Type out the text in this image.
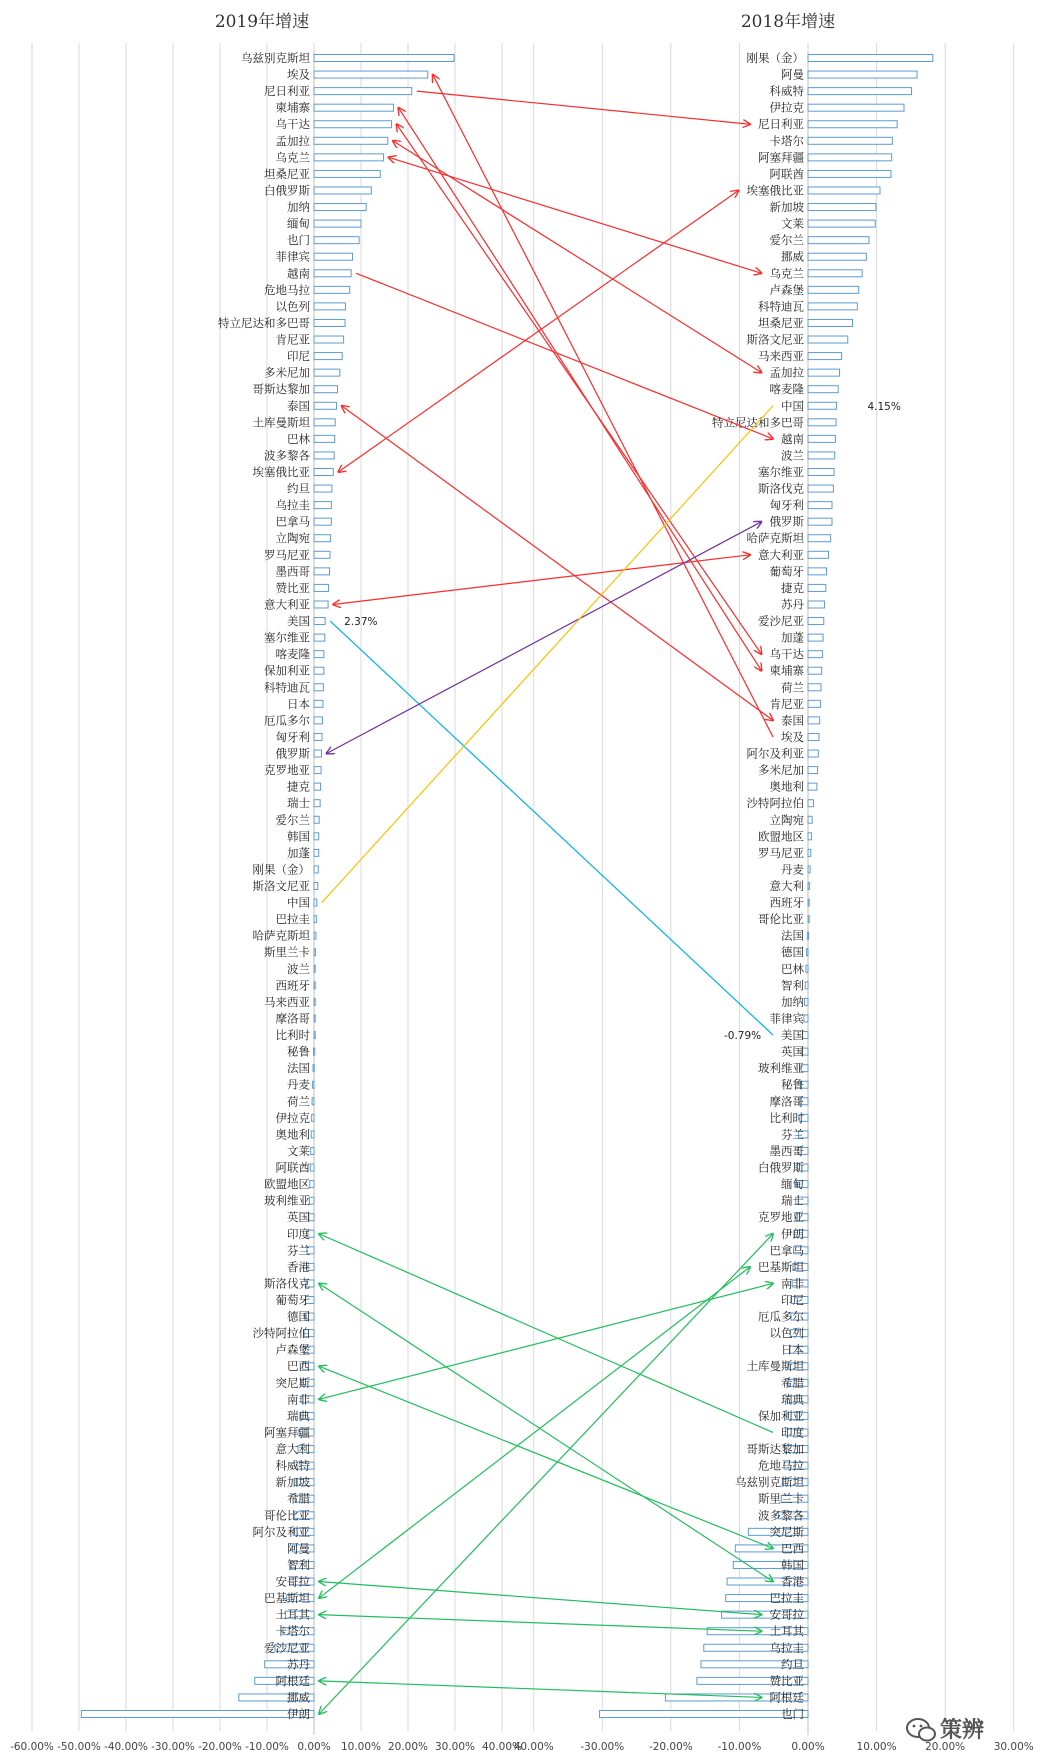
-60.00% -50.00% -40.00% -30.00% -20.00% -10.00% 0.00% 10.00% 20.00% 30.00% 40.00%
2019年增速
乌兹别克斯坦
埃及
尼日利亚
柬埔寨
乌干达
孟加拉
乌克兰
坦桑尼亚
白俄罗斯
加纳
缅甸
也门
菲律宾
越南
危地马拉
以色列
特立尼达和多巴哥
肯尼亚
印尼
多米尼加
哥斯达黎加
泰国
土库曼斯坦
巴林
波多黎各
埃塞俄比亚
约旦
乌拉圭
巴拿马
立陶宛
罗马尼亚
墨西哥
赞比亚
意大利亚
美国
塞尔维亚
喀麦隆
保加利亚
科特迪瓦
日本
厄瓜多尔
匈牙利
俄罗斯
克罗地亚
捷克
瑞士
爱尔兰
韩国
加蓬
刚果（金）
斯洛文尼亚
中国
巴拉圭
哈萨克斯坦
斯里兰卡
波兰
西班牙
马来西亚
摩洛哥
比利时
秘鲁
法国
丹麦
荷兰
伊拉克
奥地利
文莱
阿联酋
欧盟地区
玻利维亚
英国
印度
芬兰
香港
斯洛伐克
葡萄牙
德国
沙特阿拉伯
卢森堡
巴西
突尼斯
南非
瑞典
阿塞拜疆
意大利
科威特
新加坡
希腊
哥伦比亚
阿尔及利亚
阿曼
智利
安哥拉
巴基斯坦
土耳其
卡塔尔
爱沙尼亚
苏丹
阿根廷
挪威
伊朗
2.37%
40.00%	-30.00% -20.00% -10.00%	0.00%	10.00%	20.00%	30.00%
2018年增速
刚果（金）
阿曼
科威特
伊拉克
尼日利亚
卡塔尔
阿塞拜疆
阿联酋
埃塞俄比亚
新加坡
文莱
爱尔兰
挪威
乌克兰
卢森堡
科特迪瓦
坦桑尼亚
斯洛文尼亚
马来西亚
孟加拉
喀麦隆
中国
特立尼达和多巴哥
越南
波兰
塞尔维亚
斯洛伐克
匈牙利
俄罗斯
哈萨克斯坦
意大利亚
葡萄牙
捷克
苏丹
爱沙尼亚
加蓬
乌干达
柬埔寨
荷兰
肯尼亚
泰国
埃及
阿尔及利亚
多米尼加
奥地利
沙特阿拉伯
立陶宛
欧盟地区
罗马尼亚
丹麦
意大利
西班牙
哥伦比亚
法国
德国
巴林
智利
加纳
菲律宾
美国
英国
玻利维亚
秘鲁
摩洛哥
比利时
芬兰
墨西哥
白俄罗斯
缅甸
瑞士
克罗地亚
伊朗
巴拿马
巴基斯坦
南非
印尼
厄瓜多尔
以色列
日本
土库曼斯坦
希腊
瑞典
保加利亚
印度
哥斯达黎加
危地马拉
乌兹别克斯坦
斯里兰卡
波多黎各
突尼斯
巴西
韩国
香港
巴拉圭
安哥拉
土耳其
乌拉圭
约旦
赞比亚
阿根廷
也门
4.15%
-0.79%
策辨
